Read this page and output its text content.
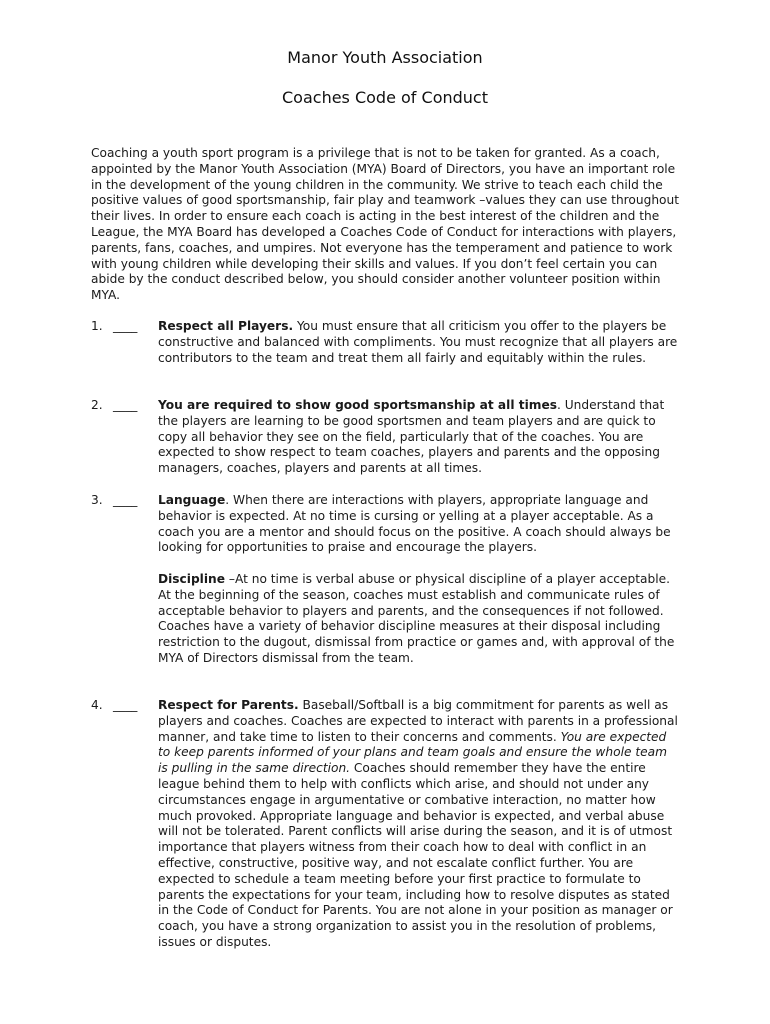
Manor Youth Association
Coaches Code of Conduct

Coaching a youth sport program is a privilege that is not to be taken for granted. As a coach, appointed by the Manor Youth Association (MYA) Board of Directors, you have an important role in the development of the young children in the community. We strive to teach each child the positive values of good sportsmanship, fair play and teamwork –values they can use throughout their lives. In order to ensure each coach is acting in the best interest of the children and the League, the MYA Board has developed a Coaches Code of Conduct for interactions with players, parents, fans, coaches, and umpires. Not everyone has the temperament and patience to work with young children while developing their skills and values. If you don’t feel certain you can abide by the conduct described below, you should consider another volunteer position within MYA.

1. ____ Respect all Players. You must ensure that all criticism you offer to the players be constructive and balanced with compliments. You must recognize that all players are contributors to the team and treat them all fairly and equitably within the rules.

2. ____ You are required to show good sportsmanship at all times. Understand that the players are learning to be good sportsmen and team players and are quick to copy all behavior they see on the field, particularly that of the coaches. You are expected to show respect to team coaches, players and parents and the opposing managers, coaches, players and parents at all times.

3. ____ Language. When there are interactions with players, appropriate language and behavior is expected. At no time is cursing or yelling at a player acceptable. As a coach you are a mentor and should focus on the positive. A coach should always be looking for opportunities to praise and encourage the players.

Discipline –At no time is verbal abuse or physical discipline of a player acceptable. At the beginning of the season, coaches must establish and communicate rules of acceptable behavior to players and parents, and the consequences if not followed. Coaches have a variety of behavior discipline measures at their disposal including restriction to the dugout, dismissal from practice or games and, with approval of the MYA of Directors dismissal from the team.

4. ____ Respect for Parents. Baseball/Softball is a big commitment for parents as well as players and coaches. Coaches are expected to interact with parents in a professional manner, and take time to listen to their concerns and comments. You are expected to keep parents informed of your plans and team goals and ensure the whole team is pulling in the same direction. Coaches should remember they have the entire league behind them to help with conflicts which arise, and should not under any circumstances engage in argumentative or combative interaction, no matter how much provoked. Appropriate language and behavior is expected, and verbal abuse will not be tolerated. Parent conflicts will arise during the season, and it is of utmost importance that players witness from their coach how to deal with conflict in an effective, constructive, positive way, and not escalate conflict further. You are expected to schedule a team meeting before your first practice to formulate to parents the expectations for your team, including how to resolve disputes as stated in the Code of Conduct for Parents. You are not alone in your position as manager or coach, you have a strong organization to assist you in the resolution of problems, issues or disputes.
